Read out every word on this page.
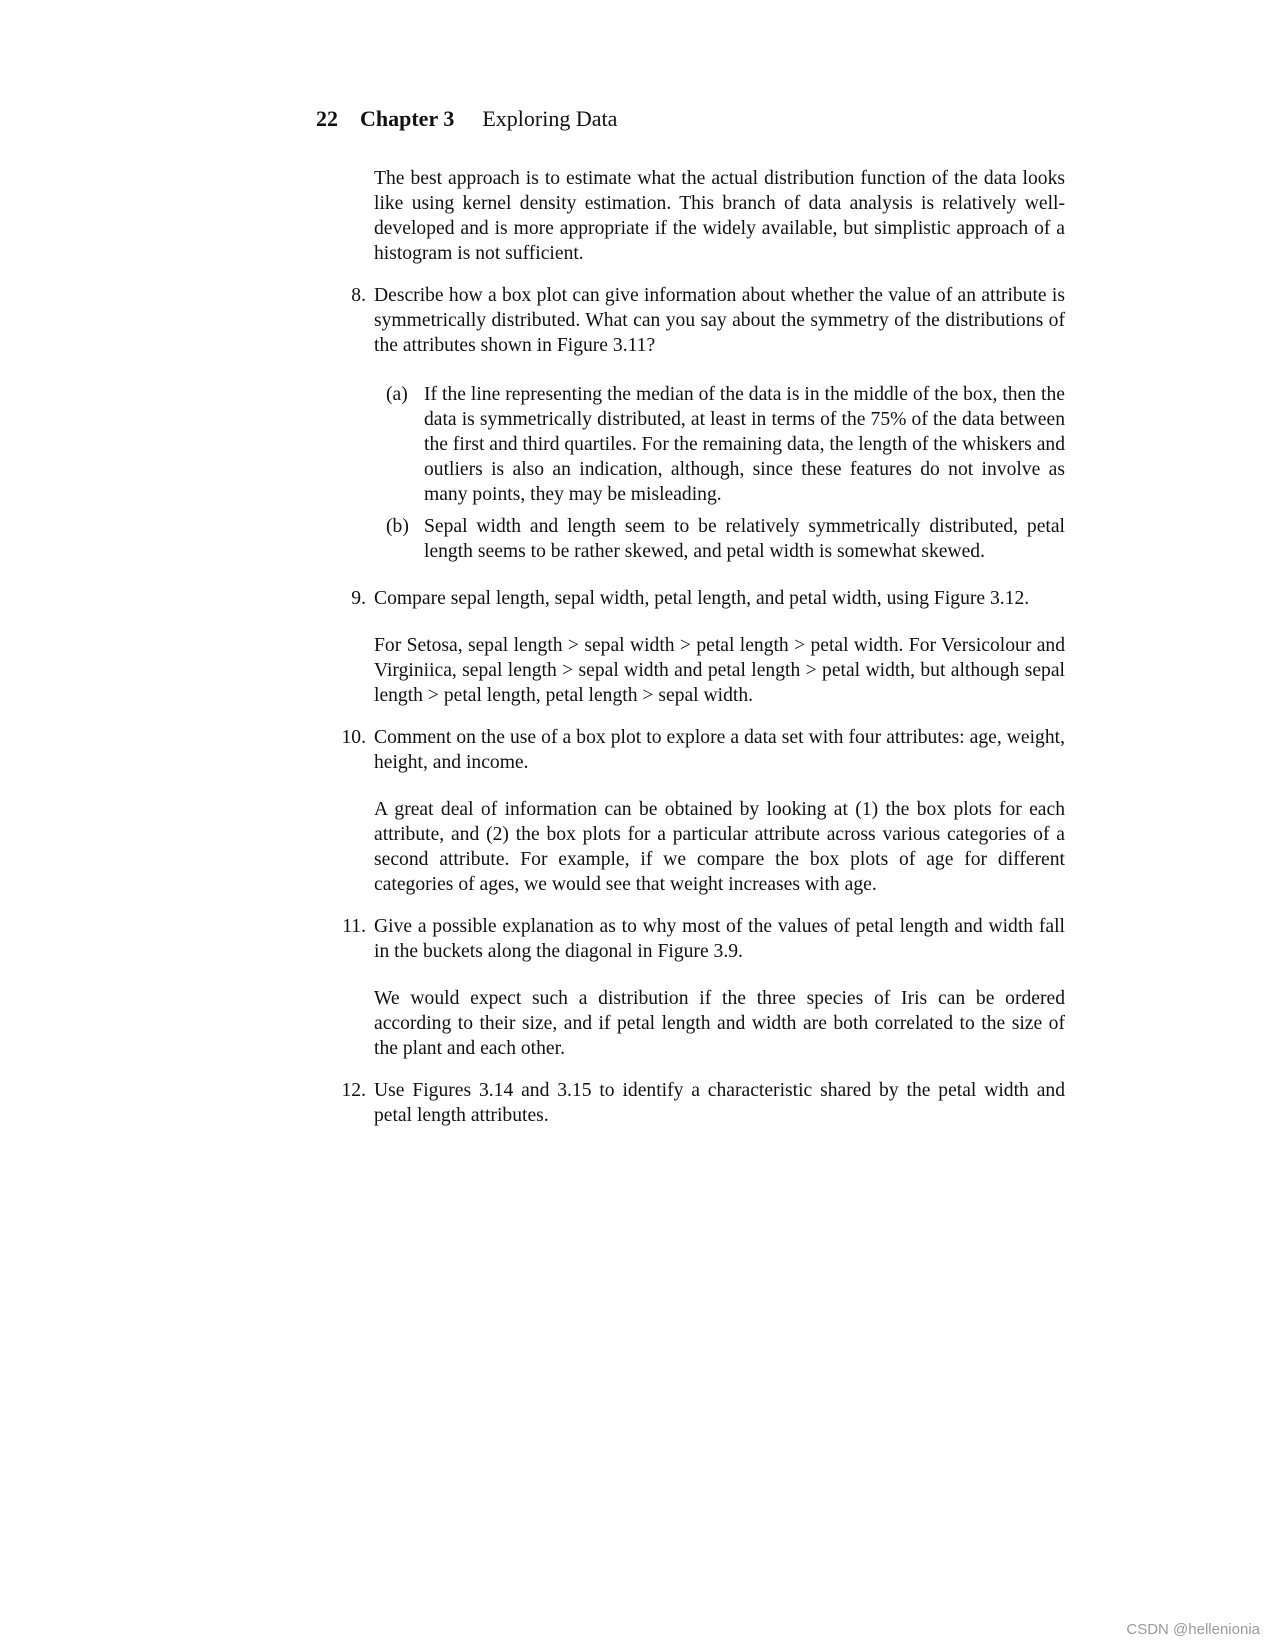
22 Chapter 3 Exploring Data

The best approach is to estimate what the actual distribution function of the data looks like using kernel density estimation. This branch of data analysis is relatively well-developed and is more appropriate if the widely available, but simplistic approach of a histogram is not sufficient.

8. Describe how a box plot can give information about whether the value of an attribute is symmetrically distributed. What can you say about the symmetry of the distributions of the attributes shown in Figure 3.11?

(a) If the line representing the median of the data is in the middle of the box, then the data is symmetrically distributed, at least in terms of the 75% of the data between the first and third quartiles. For the remaining data, the length of the whiskers and outliers is also an indication, although, since these features do not involve as many points, they may be misleading.

(b) Sepal width and length seem to be relatively symmetrically distributed, petal length seems to be rather skewed, and petal width is somewhat skewed.

9. Compare sepal length, sepal width, petal length, and petal width, using Figure 3.12.

For Setosa, sepal length > sepal width > petal length > petal width. For Versicolour and Virginiica, sepal length > sepal width and petal length > petal width, but although sepal length > petal length, petal length > sepal width.

10. Comment on the use of a box plot to explore a data set with four attributes: age, weight, height, and income.

A great deal of information can be obtained by looking at (1) the box plots for each attribute, and (2) the box plots for a particular attribute across various categories of a second attribute. For example, if we compare the box plots of age for different categories of ages, we would see that weight increases with age.

11. Give a possible explanation as to why most of the values of petal length and width fall in the buckets along the diagonal in Figure 3.9.

We would expect such a distribution if the three species of Iris can be ordered according to their size, and if petal length and width are both correlated to the size of the plant and each other.

12. Use Figures 3.14 and 3.15 to identify a characteristic shared by the petal width and petal length attributes.

CSDN @hellenionia
